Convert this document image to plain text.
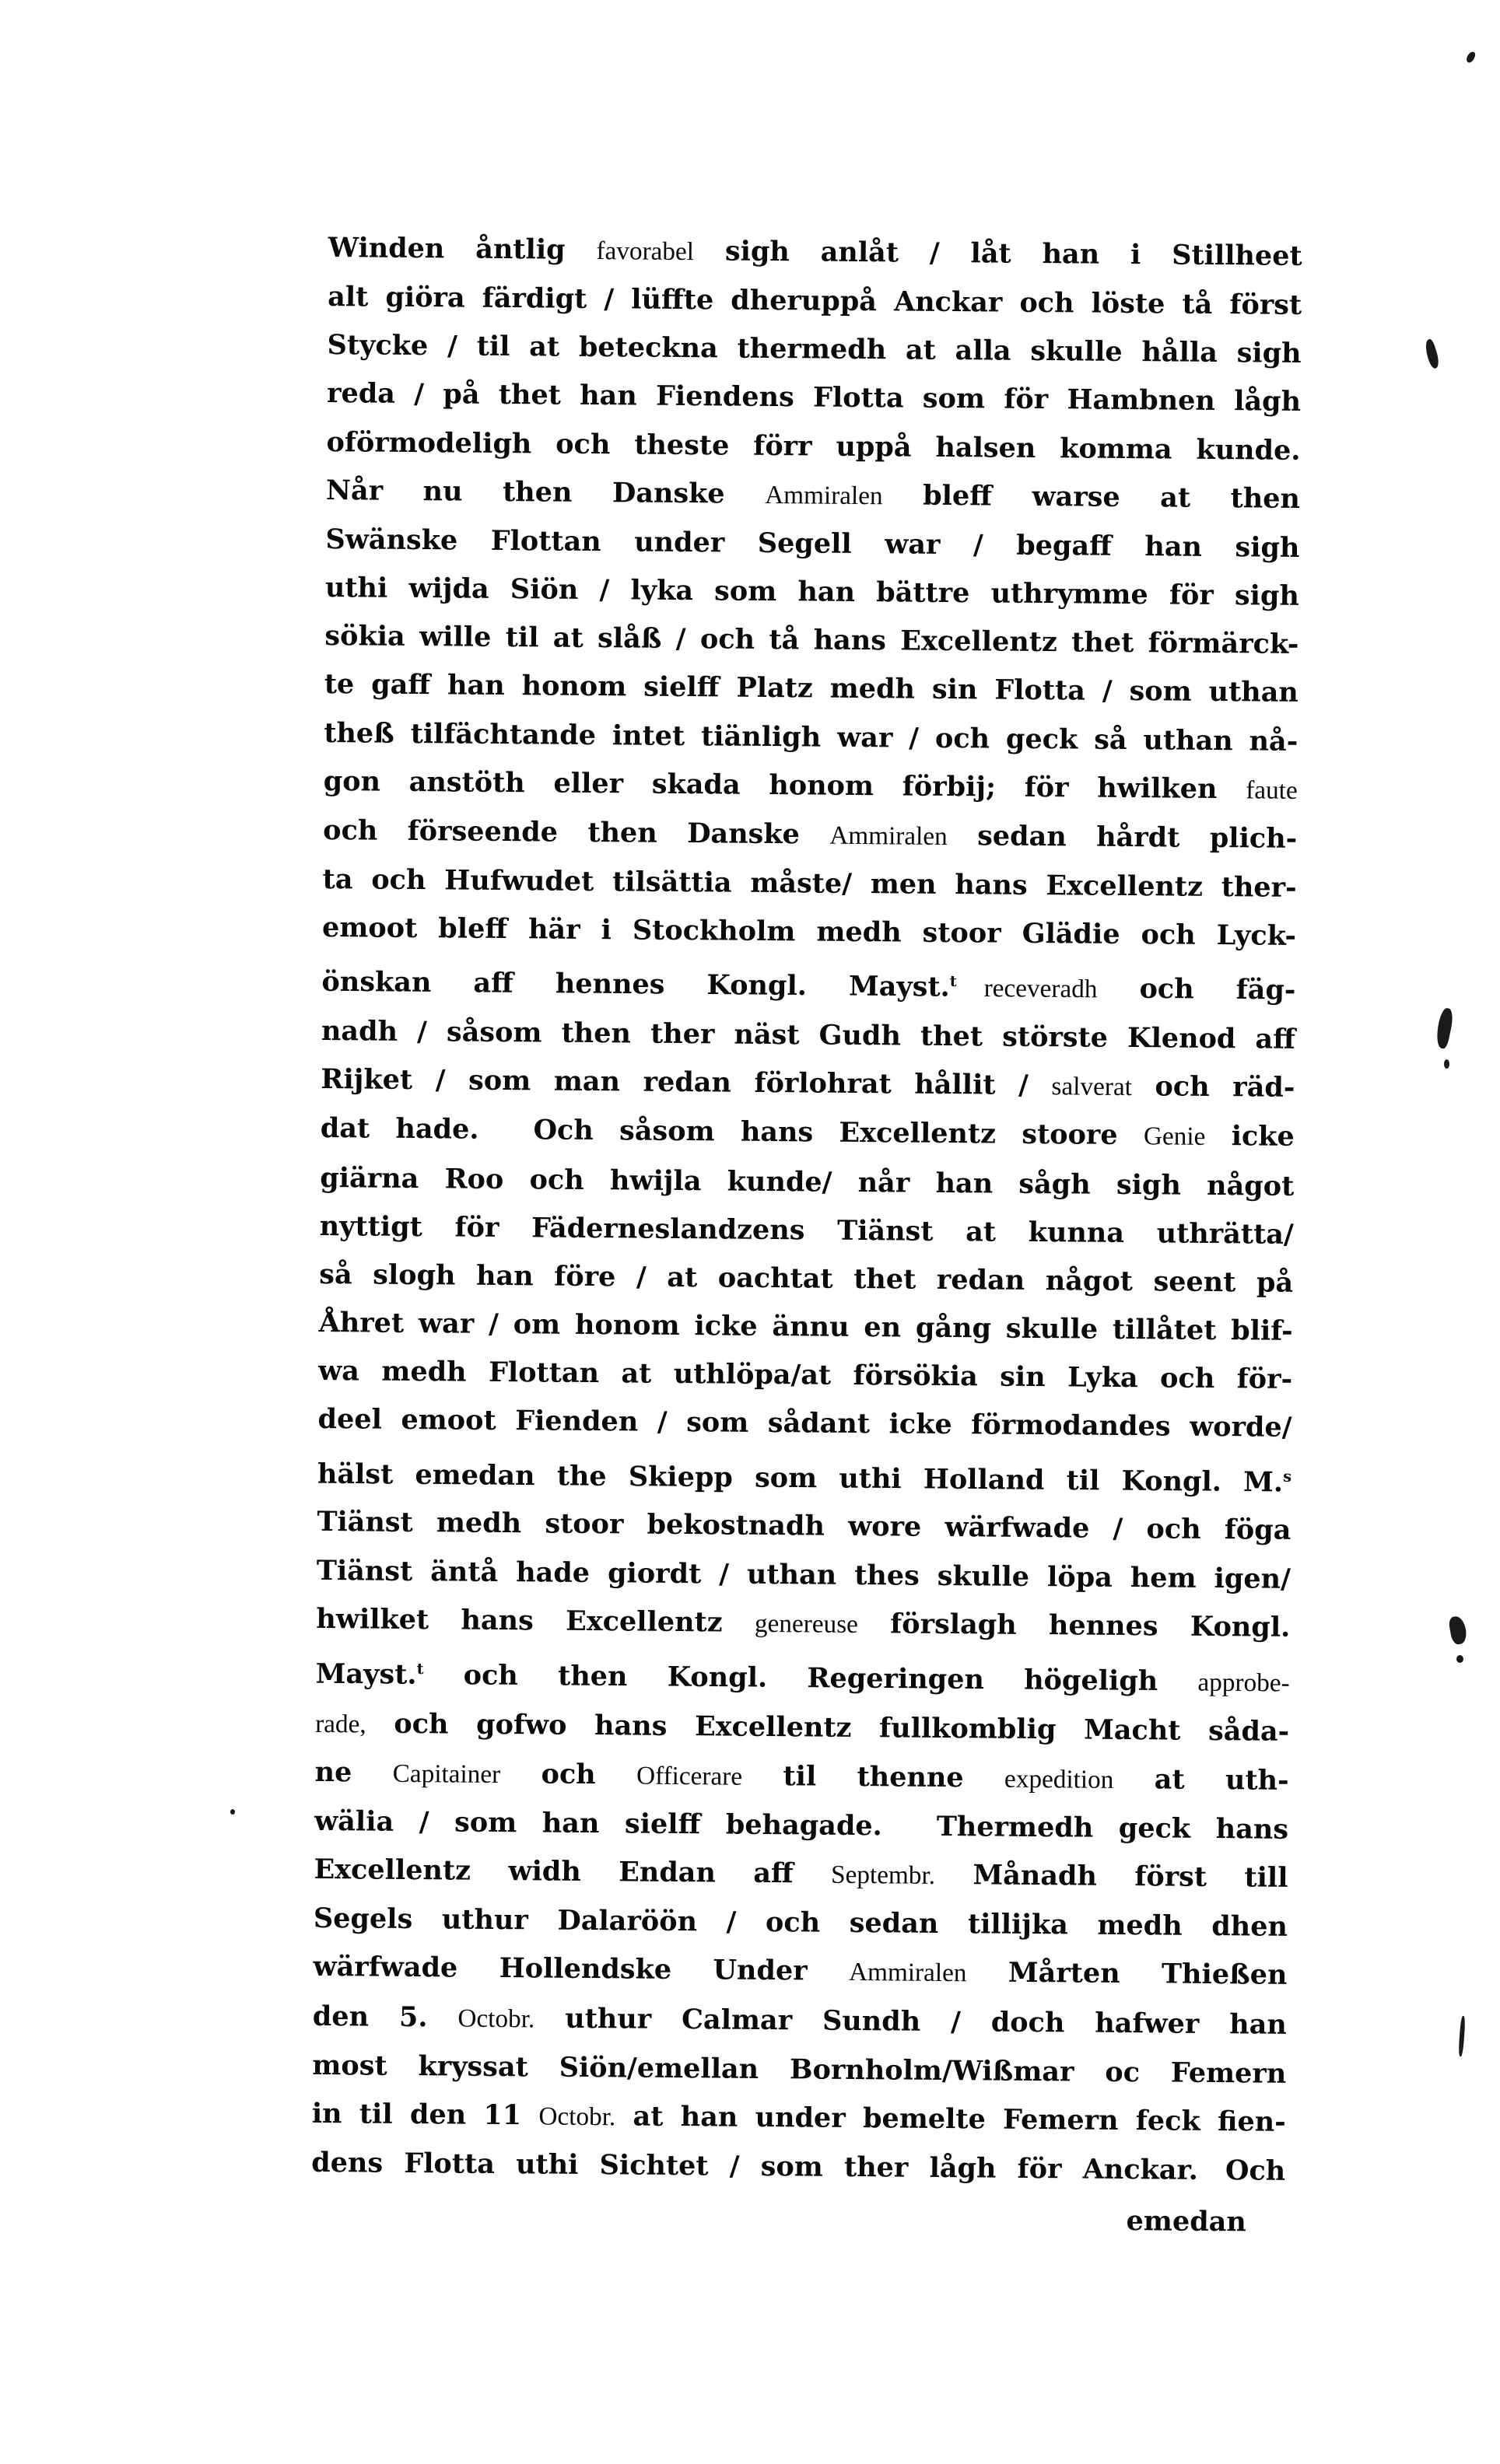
Winden åntlig favorabel sigh anlåt / låt han i Stillheet
alt giöra färdigt / lüffte dheruppå Anckar och löste tå först
Stycke / til at beteckna thermedh at alla skulle hålla sigh
reda / på thet han Fiendens Flotta som för Hambnen lågh
oförmodeligh och theste förr uppå halsen komma kunde.
Når nu then Danske Ammiralen bleff warse at then
Swänske Flottan under Segell war / begaff han sigh
uthi wijda Siön / lyka som han bättre uthrymme för sigh
sökia wille til at slåß / och tå hans Excellentz thet förmärck-
te gaff han honom sielff Platz medh sin Flotta / som uthan
theß tilfächtande intet tiänligh war / och geck så uthan nå-
gon anstöth eller skada honom förbij; för hwilken faute
och förseende then Danske Ammiralen sedan hårdt plich-
ta och Hufwudet tilsättia måste/ men hans Excellentz ther-
emoot bleff här i Stockholm medh stoor Glädie och Lyck-
önskan aff hennes Kongl. Mayst.$^t$  receveradh och fäg-
nadh / såsom then ther näst Gudh thet störste Klenod aff
Rijket / som man redan förlohrat hållit / salverat och räd-
dat hade.  Och såsom hans Excellentz stoore Genie icke
giärna Roo och hwijla kunde/ når han sågh sigh något
nyttigt för Fäderneslandzens Tiänst at kunna uthrätta/
så slogh han före / at oachtat thet redan något seent på
Åhret war / om honom icke ännu en gång skulle tillåtet blif-
wa medh Flottan at uthlöpa/at försökia sin Lyka och för-
deel emoot Fienden / som sådant icke förmodandes worde/
hälst emedan the Skiepp som uthi Holland til Kongl. M.$^s$
Tiänst medh stoor bekostnadh wore wärfwade / och föga
Tiänst äntå hade giordt / uthan thes skulle löpa hem igen/
hwilket hans Excellentz genereuse förslagh hennes Kongl.
Mayst.$^t$ och then Kongl. Regeringen högeligh approbe-
rade, och gofwo hans Excellentz fullkomblig Macht såda-
ne Capitainer och Officerare til thenne expedition at uth-
wälia / som han sielff behagade.  Thermedh geck hans
Excellentz widh Endan aff Septembr. Månadh först till
Segels uthur Dalaröön / och sedan tillijka medh dhen
wärfwade Hollendske Under Ammiralen Mårten Thießen
den 5. Octobr. uthur Calmar Sundh / doch hafwer han
most kryssat Siön/emellan Bornholm/Wißmar oc Femern
in til den 11 Octobr. at han under bemelte Femern feck fien-
dens Flotta uthi Sichtet / som ther lågh för Anckar. Och
emedan
